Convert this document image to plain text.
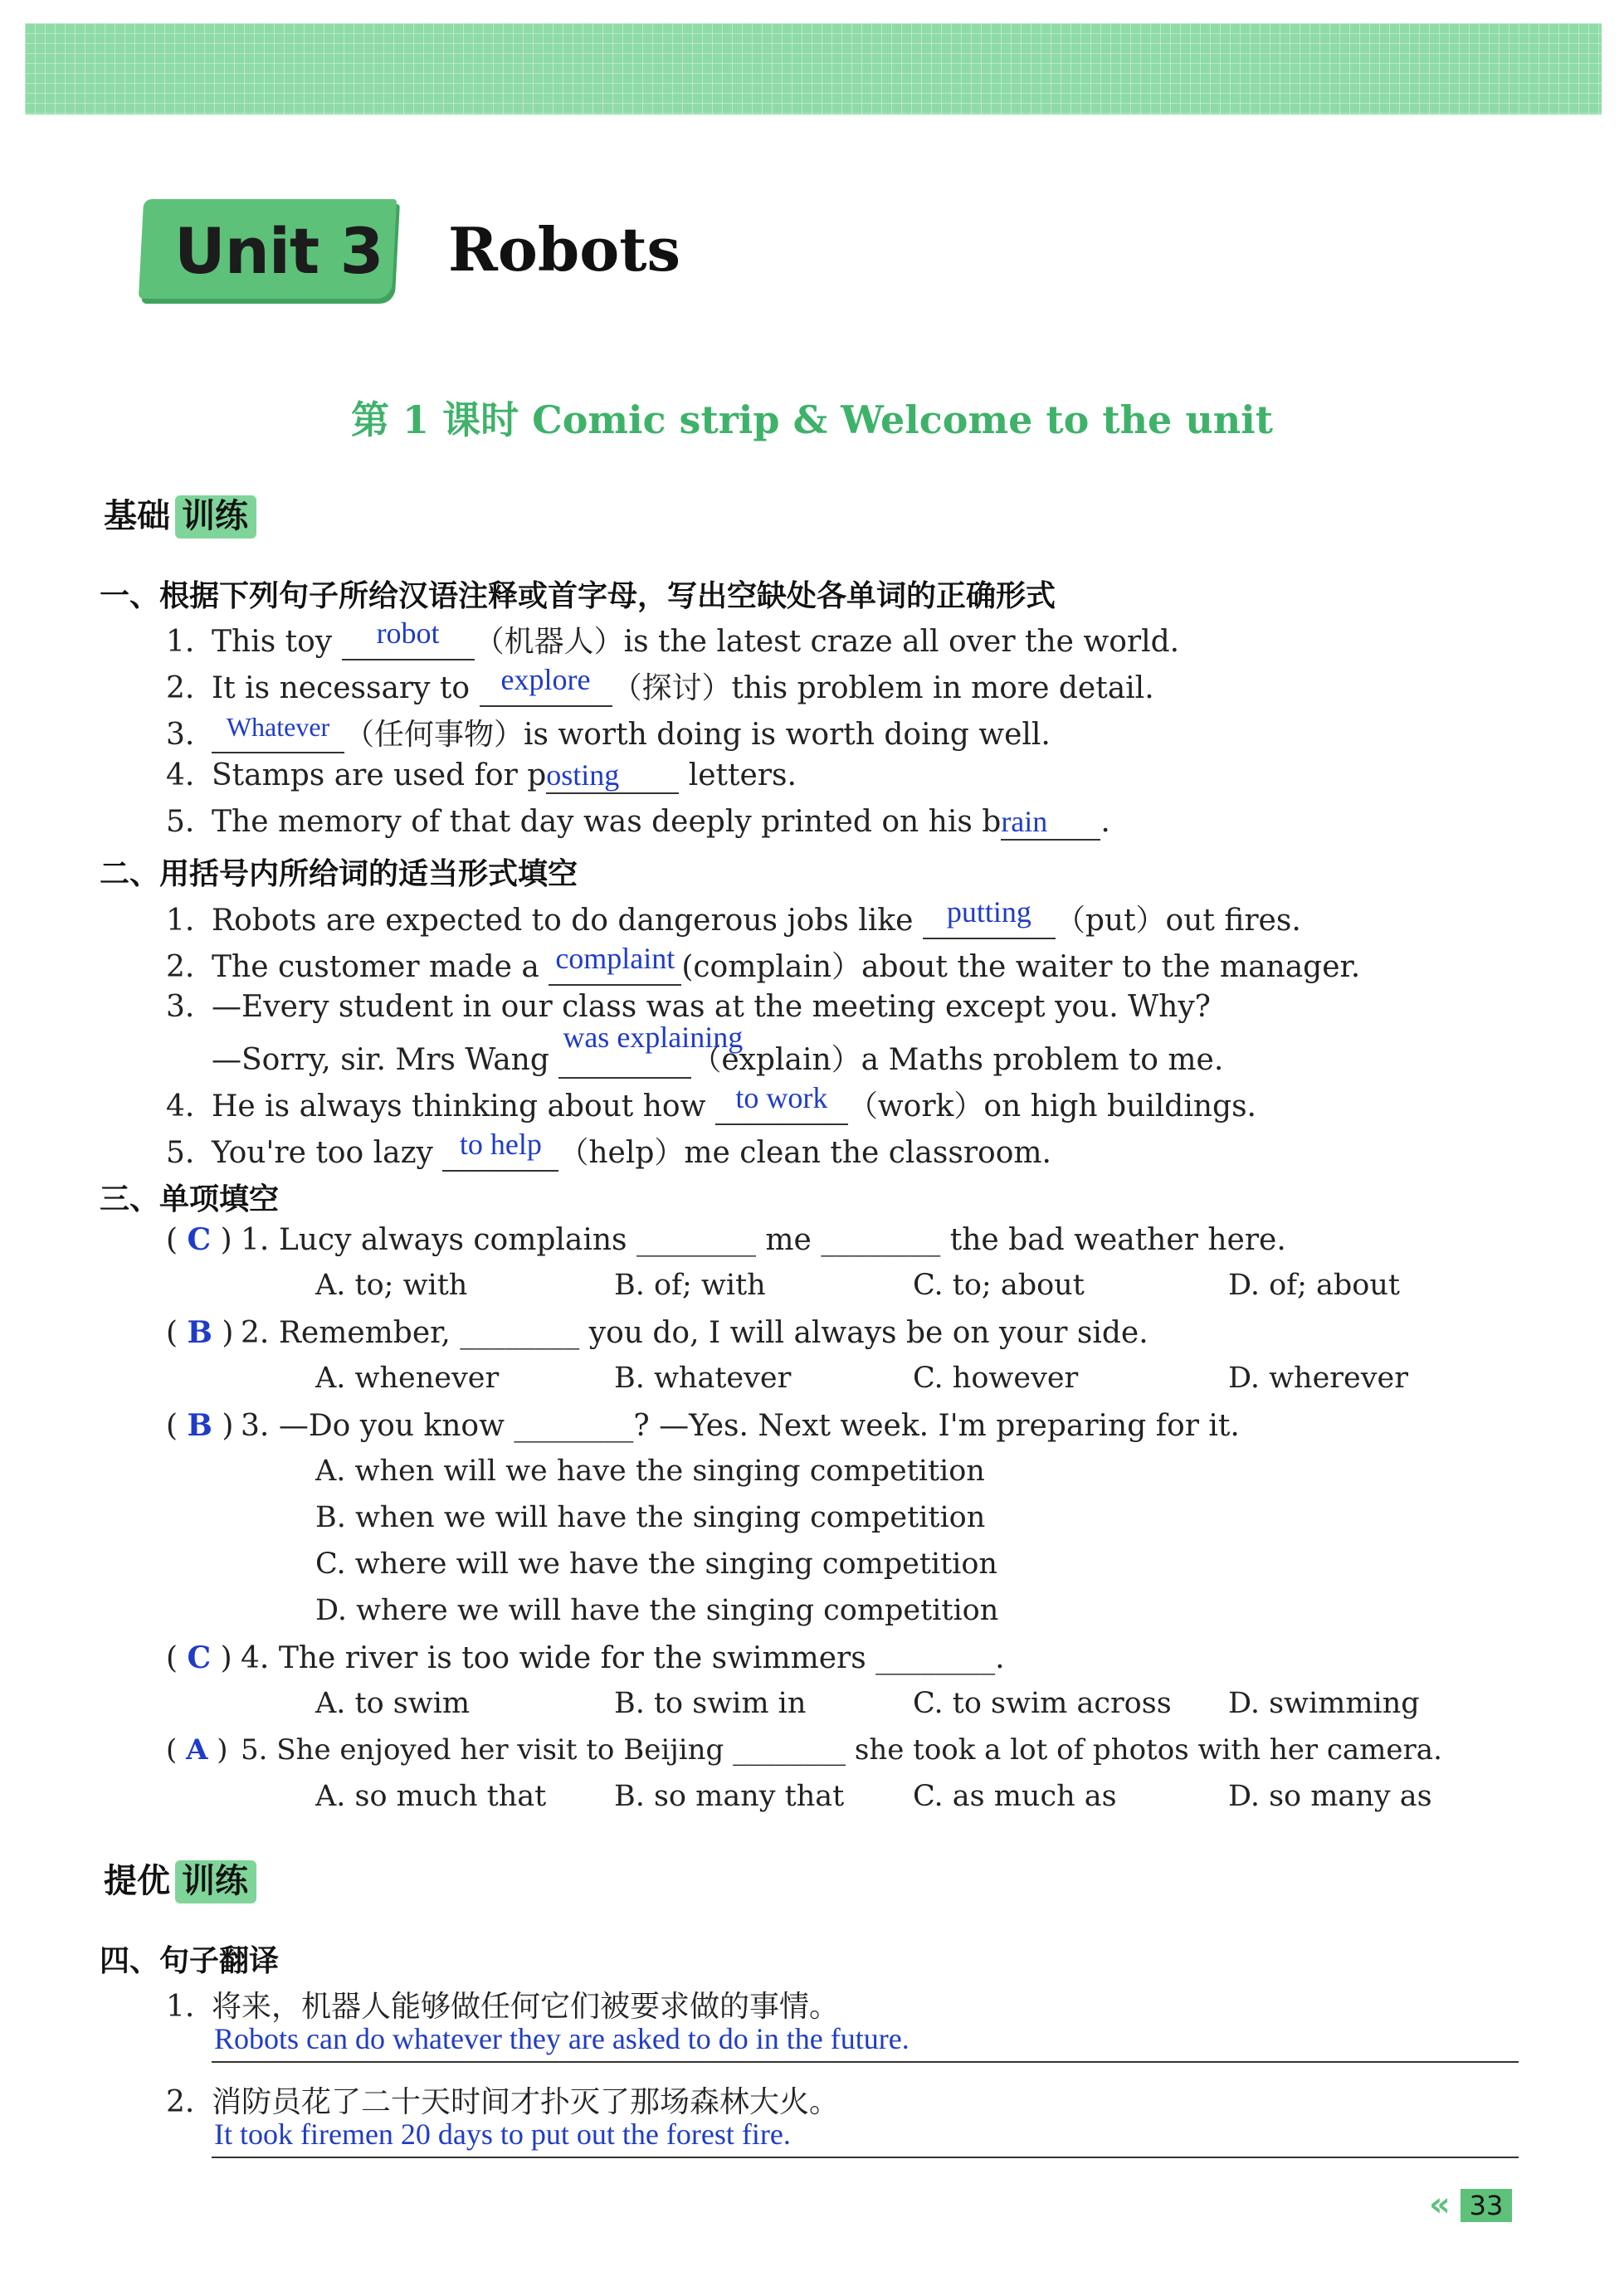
Unit 3 Robots
第 1 课时 Comic strip & Welcome to the unit
基础 训练
一、根据下列句子所给汉语注释或首字母，写出空缺处各单词的正确形式
1. This toy robot （机器人）is the latest craze all over the world.
2. It is necessary to explore （探讨）this problem in more detail.
3. Whatever （任何事物）is worth doing is worth doing well.
4. Stamps are used for posting letters.
5. The memory of that day was deeply printed on his brain .
二、用括号内所给词的适当形式填空
1. Robots are expected to do dangerous jobs like putting （put）out fires.
2. The customer made a complaint (complain）about the waiter to the manager.
3. —Every student in our class was at the meeting except you. Why?
—Sorry, sir. Mrs Wang
was explaining
（explain）a Maths problem to me.
4. He is always thinking about how to work （work）on high buildings.
5. You're too lazy to help （help）me clean the classroom.
三、单项填空
( C ) 1. Lucy always complains ________ me ________ the bad weather here.
A. to; with	B. of; with	C. to; about	D. of; about
( B ) 2. Remember, ________ you do, I will always be on your side.
A. whenever	B. whatever	C. however	D. wherever
( B ) 3. —Do you know ________? —Yes. Next week. I'm preparing for it.
A. when will we have the singing competition
B. when we will have the singing competition
C. where will we have the singing competition
D. where we will have the singing competition
( C ) 4. The river is too wide for the swimmers ________.
A. to swim	B. to swim in	C. to swim across D. swimming
( A ) 5. She enjoyed her visit to Beijing ________ she took a lot of photos with her camera.
A. so much that B. so many that C. as much as	D. so many as
提优 训练
四、句子翻译
1. 将来，机器人能够做任何它们被要求做的事情。
Robots can do whatever they are asked to do in the future.
2. 消防员花了二十天时间才扑灭了那场森林大火。
It took firemen 20 days to put out the forest fire.
« 33
